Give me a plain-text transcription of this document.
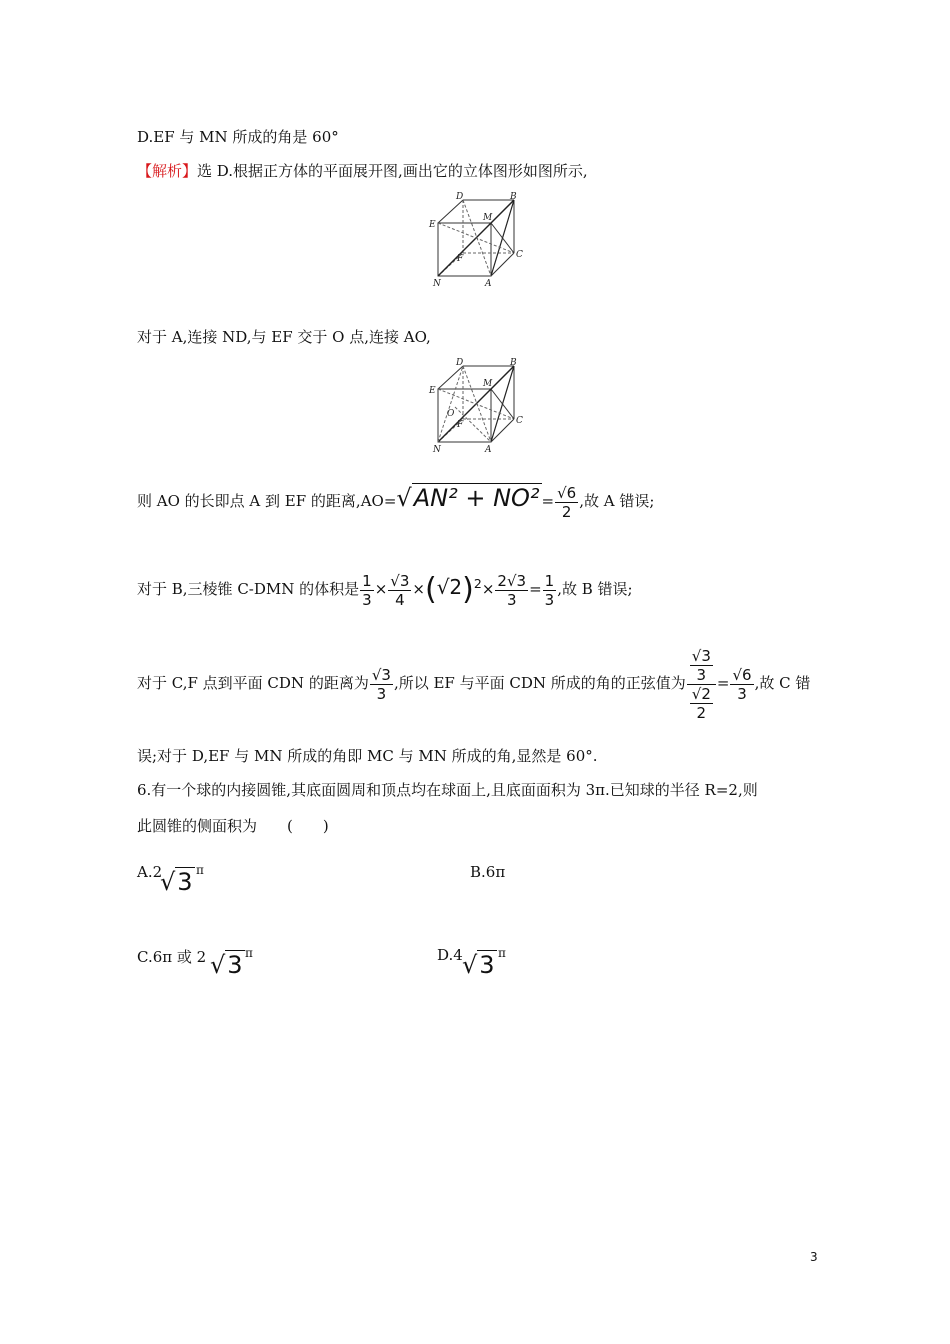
D.EF 与 MN 所成的角是 60°
【解析】选 D.根据正方体的平面展开图,画出它的立体图形如图所示,
D	B
E
M
C
F
N	A
对于 A,连接 ND,与 EF 交于 O 点,连接 AO,
D	B
E
M
C
O
F
N	A
则 AO 的长即点 A 到 EF 的距离$,AO=√AN^2 + NO^2 = \frac{√6}{2}$ ,故 A 错误;
对于 B,三棱锥 C-DMN 的体积是 $\frac{1}{3} \times \frac{√3}{4} \times(√2)^2\times \frac{2√3}{3} = \frac{1}{3}$ ,故 B 错误;
对于 C,F 点到平面 CDN 的距离为 $\frac{√3}{3}$ ,所以 EF 与平面 CDN 所成的角的正弦值为 $\frac{\frac{√3}{3}}{\frac{√2}{2}} = \frac{√6}{3}$ ,故 C 错
误;对于 D,EF 与 MN 所成的角即 MC 与 MN 所成的角,显然是 60°.
6.有一个球的内接圆锥,其底面圆周和顶点均在球面上,且底面面积为 3π.已知球的半径 R=2,则
此圆锥的侧面积为　　(　　)
A.2
√3 π	B.6π
C.6π 或 2 √3 π	D.4 √3 π
3
